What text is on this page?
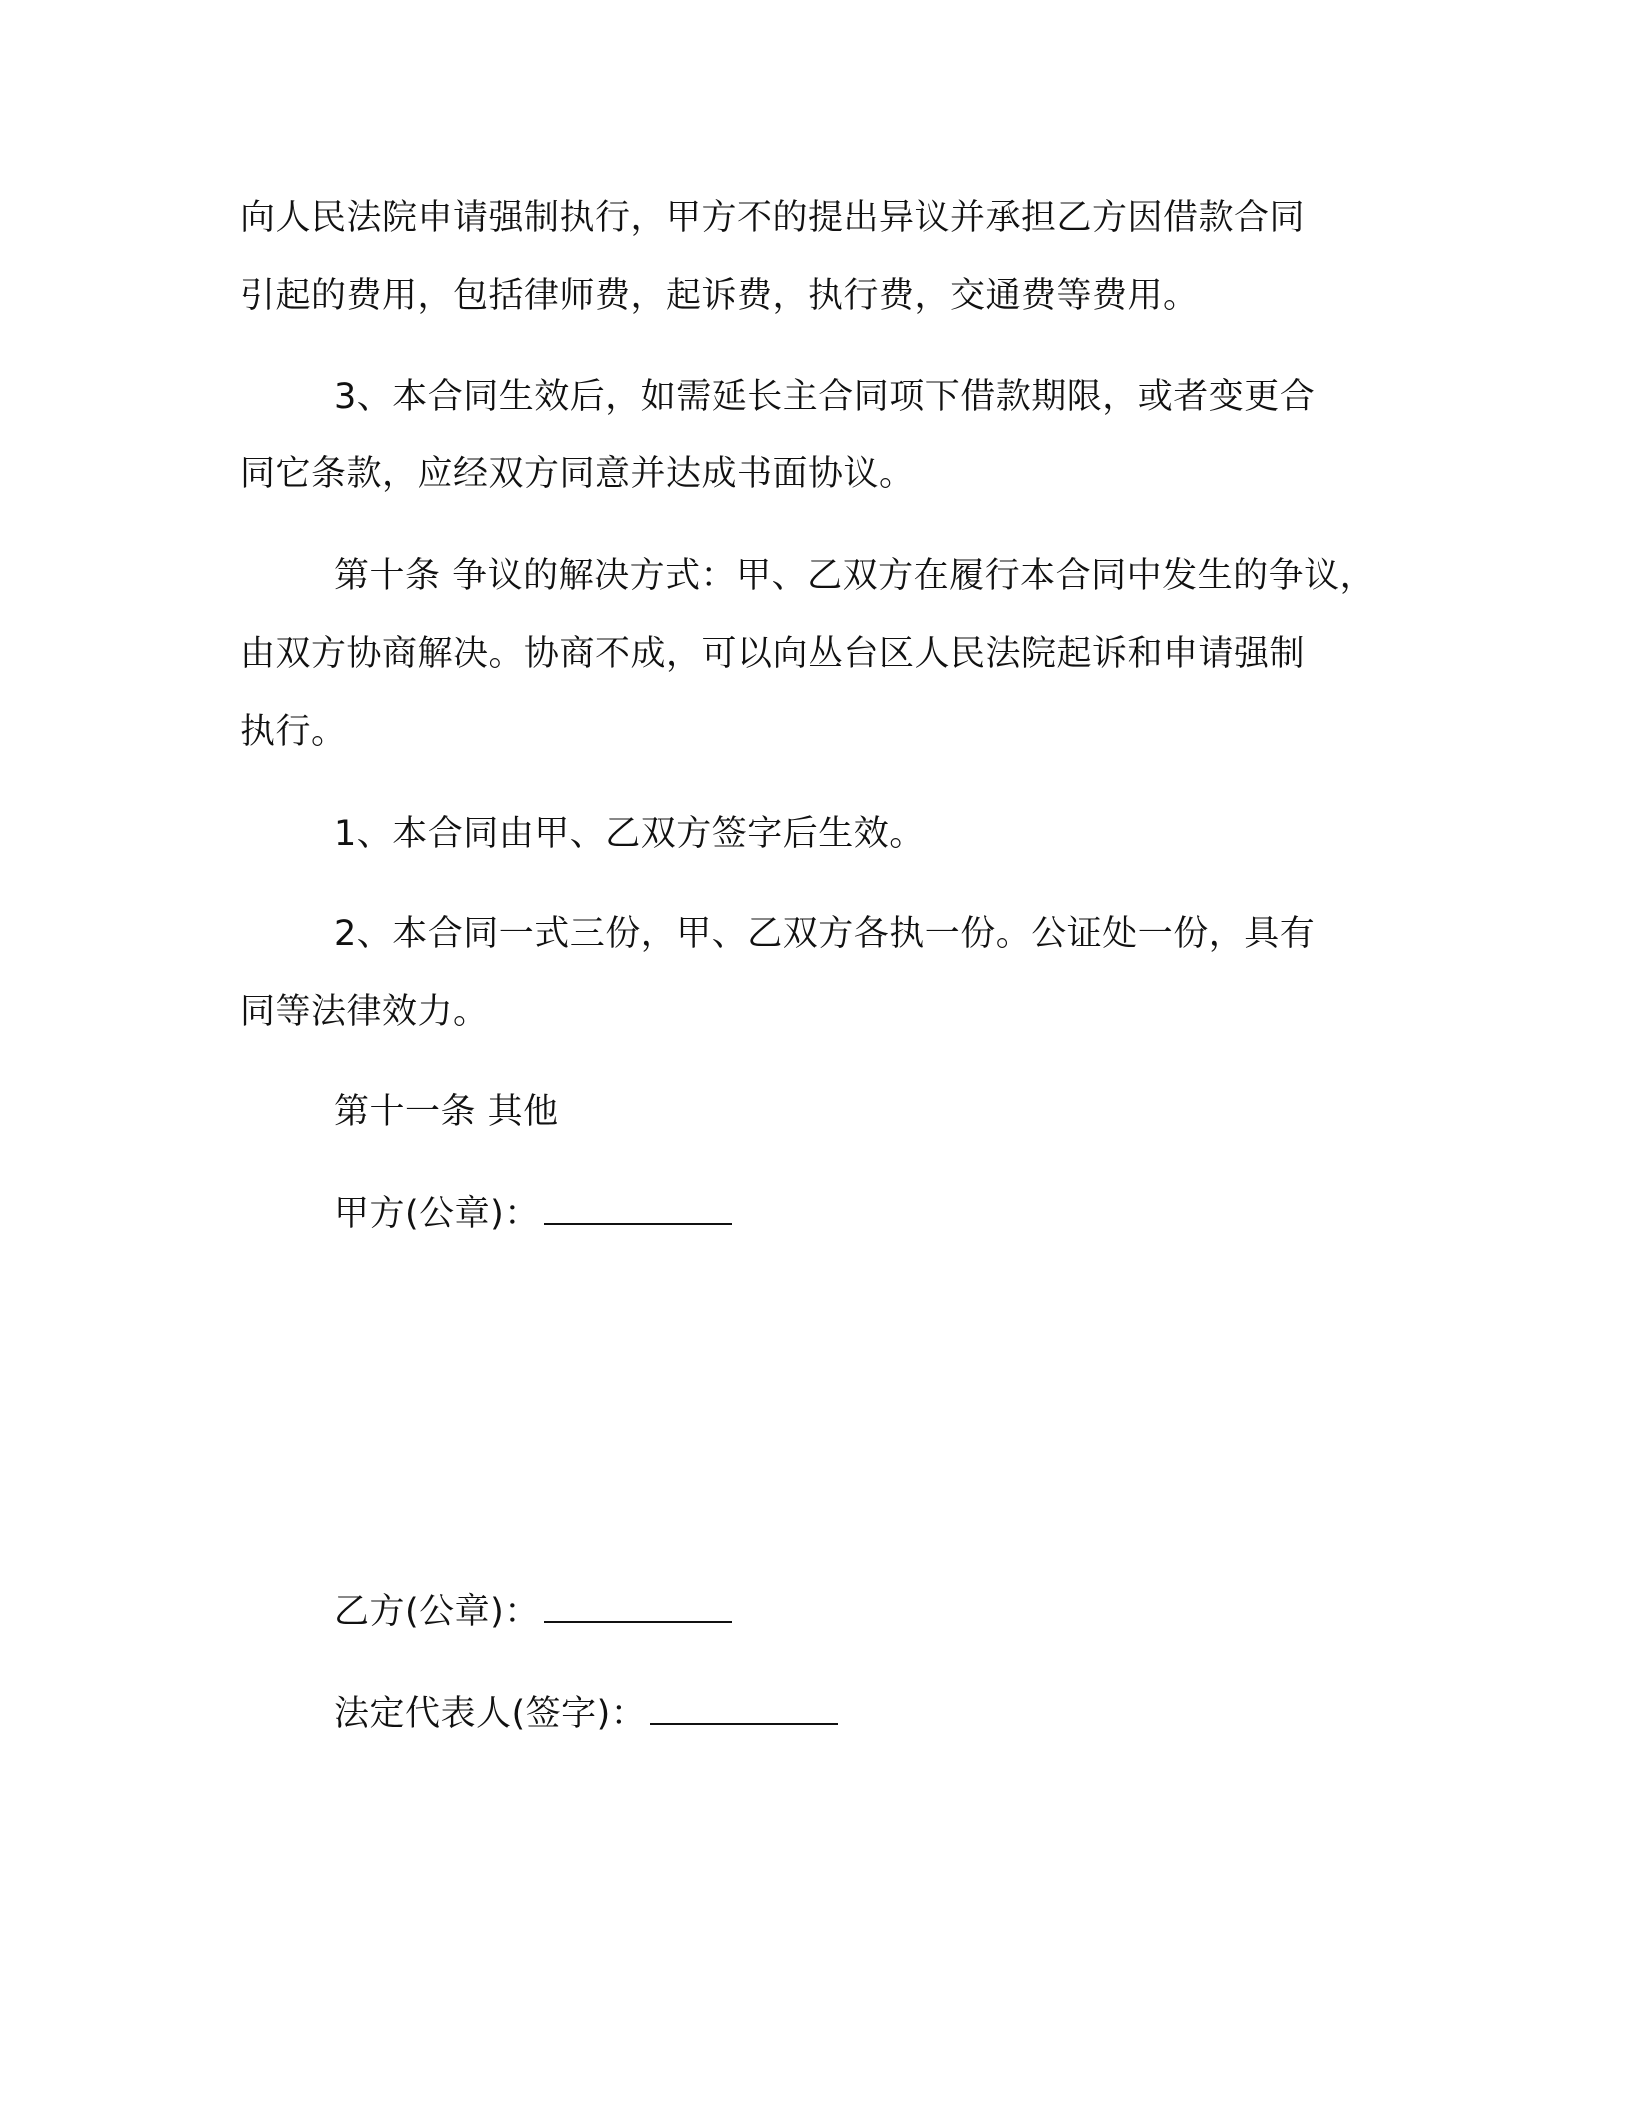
向人民法院申请强制执行，甲方不的提出异议并承担乙方因借款合同
引起的费用，包括律师费，起诉费，执行费，交通费等费用。
3、本合同生效后，如需延长主合同项下借款期限，或者变更合
同它条款，应经双方同意并达成书面协议。
第十条 争议的解决方式：甲、乙双方在履行本合同中发生的争议，
由双方协商解决。协商不成，可以向丛台区人民法院起诉和申请强制
执行。
1、本合同由甲、乙双方签字后生效。
2、本合同一式三份，甲、乙双方各执一份。公证处一份，具有
同等法律效力。
第十一条 其他
甲方(公章)：
乙方(公章)：
法定代表人(签字)：
